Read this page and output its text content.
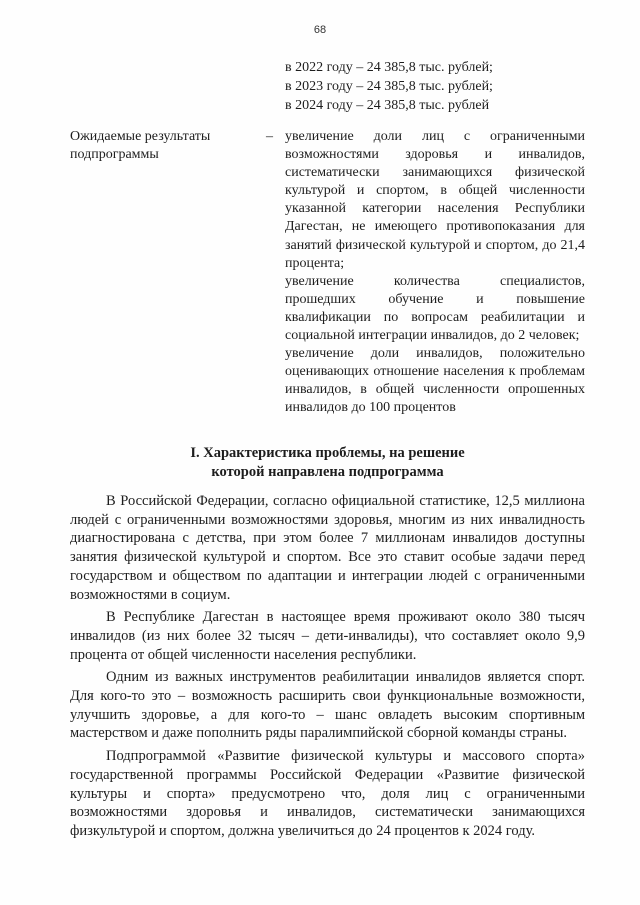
68
в 2022 году – 24 385,8 тыс. рублей;
в 2023 году – 24 385,8 тыс. рублей;
в 2024 году – 24 385,8 тыс. рублей
Ожидаемые результаты подпрограммы
– увеличение доли лиц с ограниченными возможностями здоровья и инвалидов, систематически занимающихся физической культурой и спортом, в общей численности указанной категории населения Республики Дагестан, не имеющего противопоказания для занятий физической культурой и спортом, до 21,4 процента;

увеличение количества специалистов, прошедших обучение и повышение квалификации по вопросам реабилитации и социальной интеграции инвалидов, до 2 человек;

увеличение доли инвалидов, положительно оценивающих отношение населения к проблемам инвалидов, в общей численности опрошенных инвалидов до 100 процентов

I. Характеристика проблемы, на решение
которой направлена подпрограмма

В Российской Федерации, согласно официальной статистике, 12,5 миллиона людей с ограниченными возможностями здоровья, многим из них инвалидность диагностирована с детства, при этом более 7 миллионам инвалидов доступны занятия физической культурой и спортом. Все это ставит особые задачи перед государством и обществом по адаптации и интеграции людей с ограниченными возможностями в социум.

В Республике Дагестан в настоящее время проживают около 380 тысяч инвалидов (из них более 32 тысяч – дети-инвалиды), что составляет около 9,9 процента от общей численности населения республики.

Одним из важных инструментов реабилитации инвалидов является спорт. Для кого-то это – возможность расширить свои функциональные возможности, улучшить здоровье, а для кого-то – шанс овладеть высоким спортивным мастерством и даже пополнить ряды паралимпийской сборной команды страны.

Подпрограммой «Развитие физической культуры и массового спорта» государственной программы Российской Федерации «Развитие физической культуры и спорта» предусмотрено что, доля лиц с ограниченными возможностями здоровья и инвалидов, систематически занимающихся физкультурой и спортом, должна увеличиться до 24 процентов к 2024 году.
